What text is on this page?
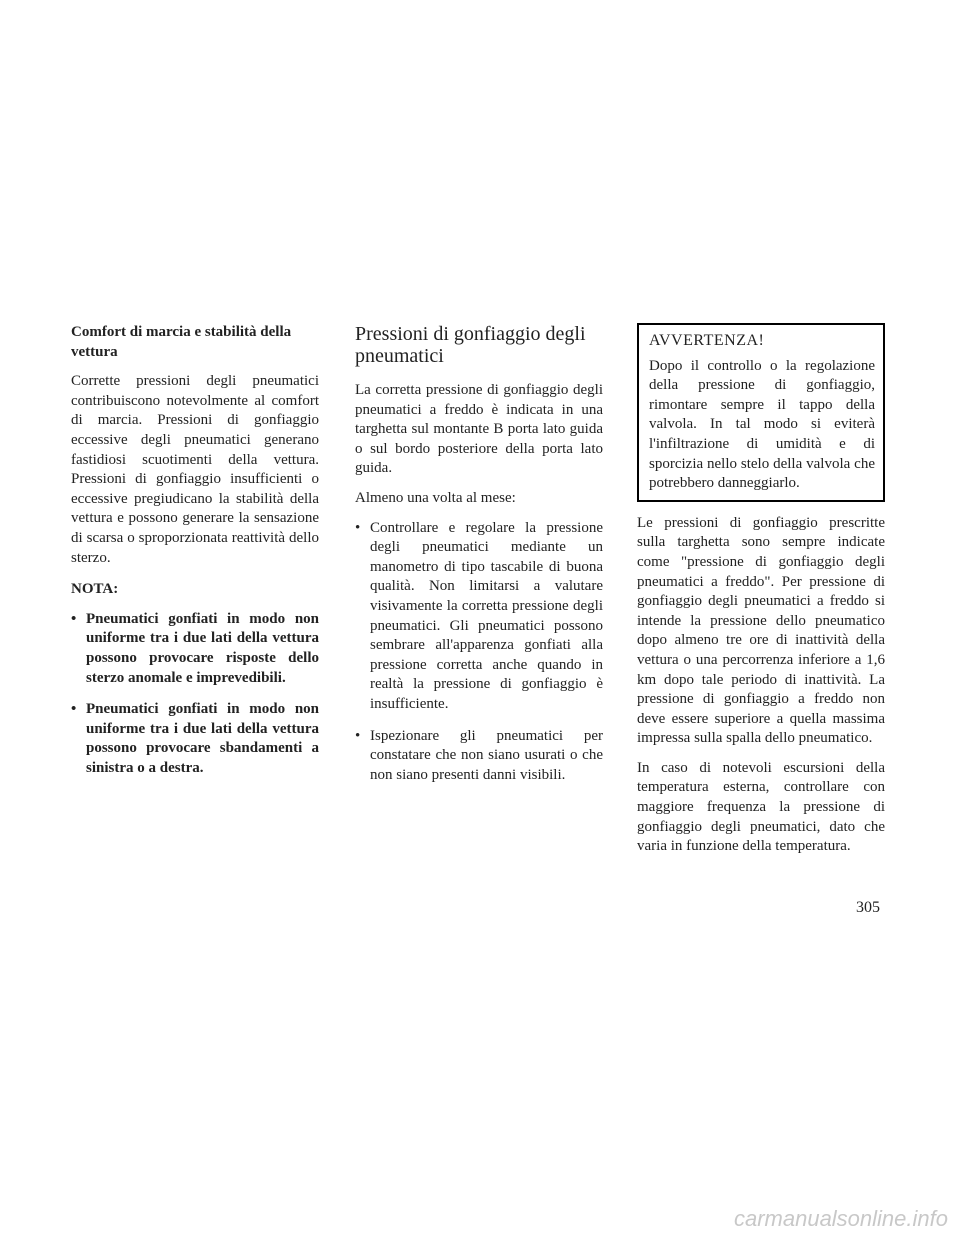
Comfort di marcia e stabilità della vettura

Corrette pressioni degli pneumatici contribuiscono notevolmente al comfort di marcia. Pressioni di gonfiaggio eccessive degli pneumatici generano fastidiosi scuotimenti della vettura. Pressioni di gonfiaggio insufficienti o eccessive pregiudicano la stabilità della vettura e possono generare la sensazione di scarsa o sproporzionata reattività dello sterzo.

NOTA:
• Pneumatici gonfiati in modo non uniforme tra i due lati della vettura possono provocare risposte dello sterzo anomale e imprevedibili.
• Pneumatici gonfiati in modo non uniforme tra i due lati della vettura possono provocare sbandamenti a sinistra o a destra.
Pressioni di gonfiaggio degli pneumatici

La corretta pressione di gonfiaggio degli pneumatici a freddo è indicata in una targhetta sul montante B porta lato guida o sul bordo posteriore della porta lato guida.

Almeno una volta al mese:

• Controllare e regolare la pressione degli pneumatici mediante un manometro di tipo tascabile di buona qualità. Non limitarsi a valutare visivamente la corretta pressione degli pneumatici. Gli pneumatici possono sembrare all'apparenza gonfiati alla pressione corretta anche quando in realtà la pressione di gonfiaggio è insufficiente.
• Ispezionare gli pneumatici per constatare che non siano usurati o che non siano presenti danni visibili.
AVVERTENZA!
Dopo il controllo o la regolazione della pressione di gonfiaggio, rimontare sempre il tappo della valvola. In tal modo si eviterà l'infiltrazione di umidità e di sporcizia nello stelo della valvola che potrebbero danneggiarlo.

Le pressioni di gonfiaggio prescritte sulla targhetta sono sempre indicate come "pressione di gonfiaggio degli pneumatici a freddo". Per pressione di gonfiaggio degli pneumatici a freddo si intende la pressione dello pneumatico dopo almeno tre ore di inattività della vettura o una percorrenza inferiore a 1,6 km dopo tale periodo di inattività. La pressione di gonfiaggio a freddo non deve essere superiore a quella massima impressa sulla spalla dello pneumatico.

In caso di notevoli escursioni della temperatura esterna, controllare con maggiore frequenza la pressione di gonfiaggio degli pneumatici, dato che varia in funzione della temperatura.

305
carmanualsonline.info
